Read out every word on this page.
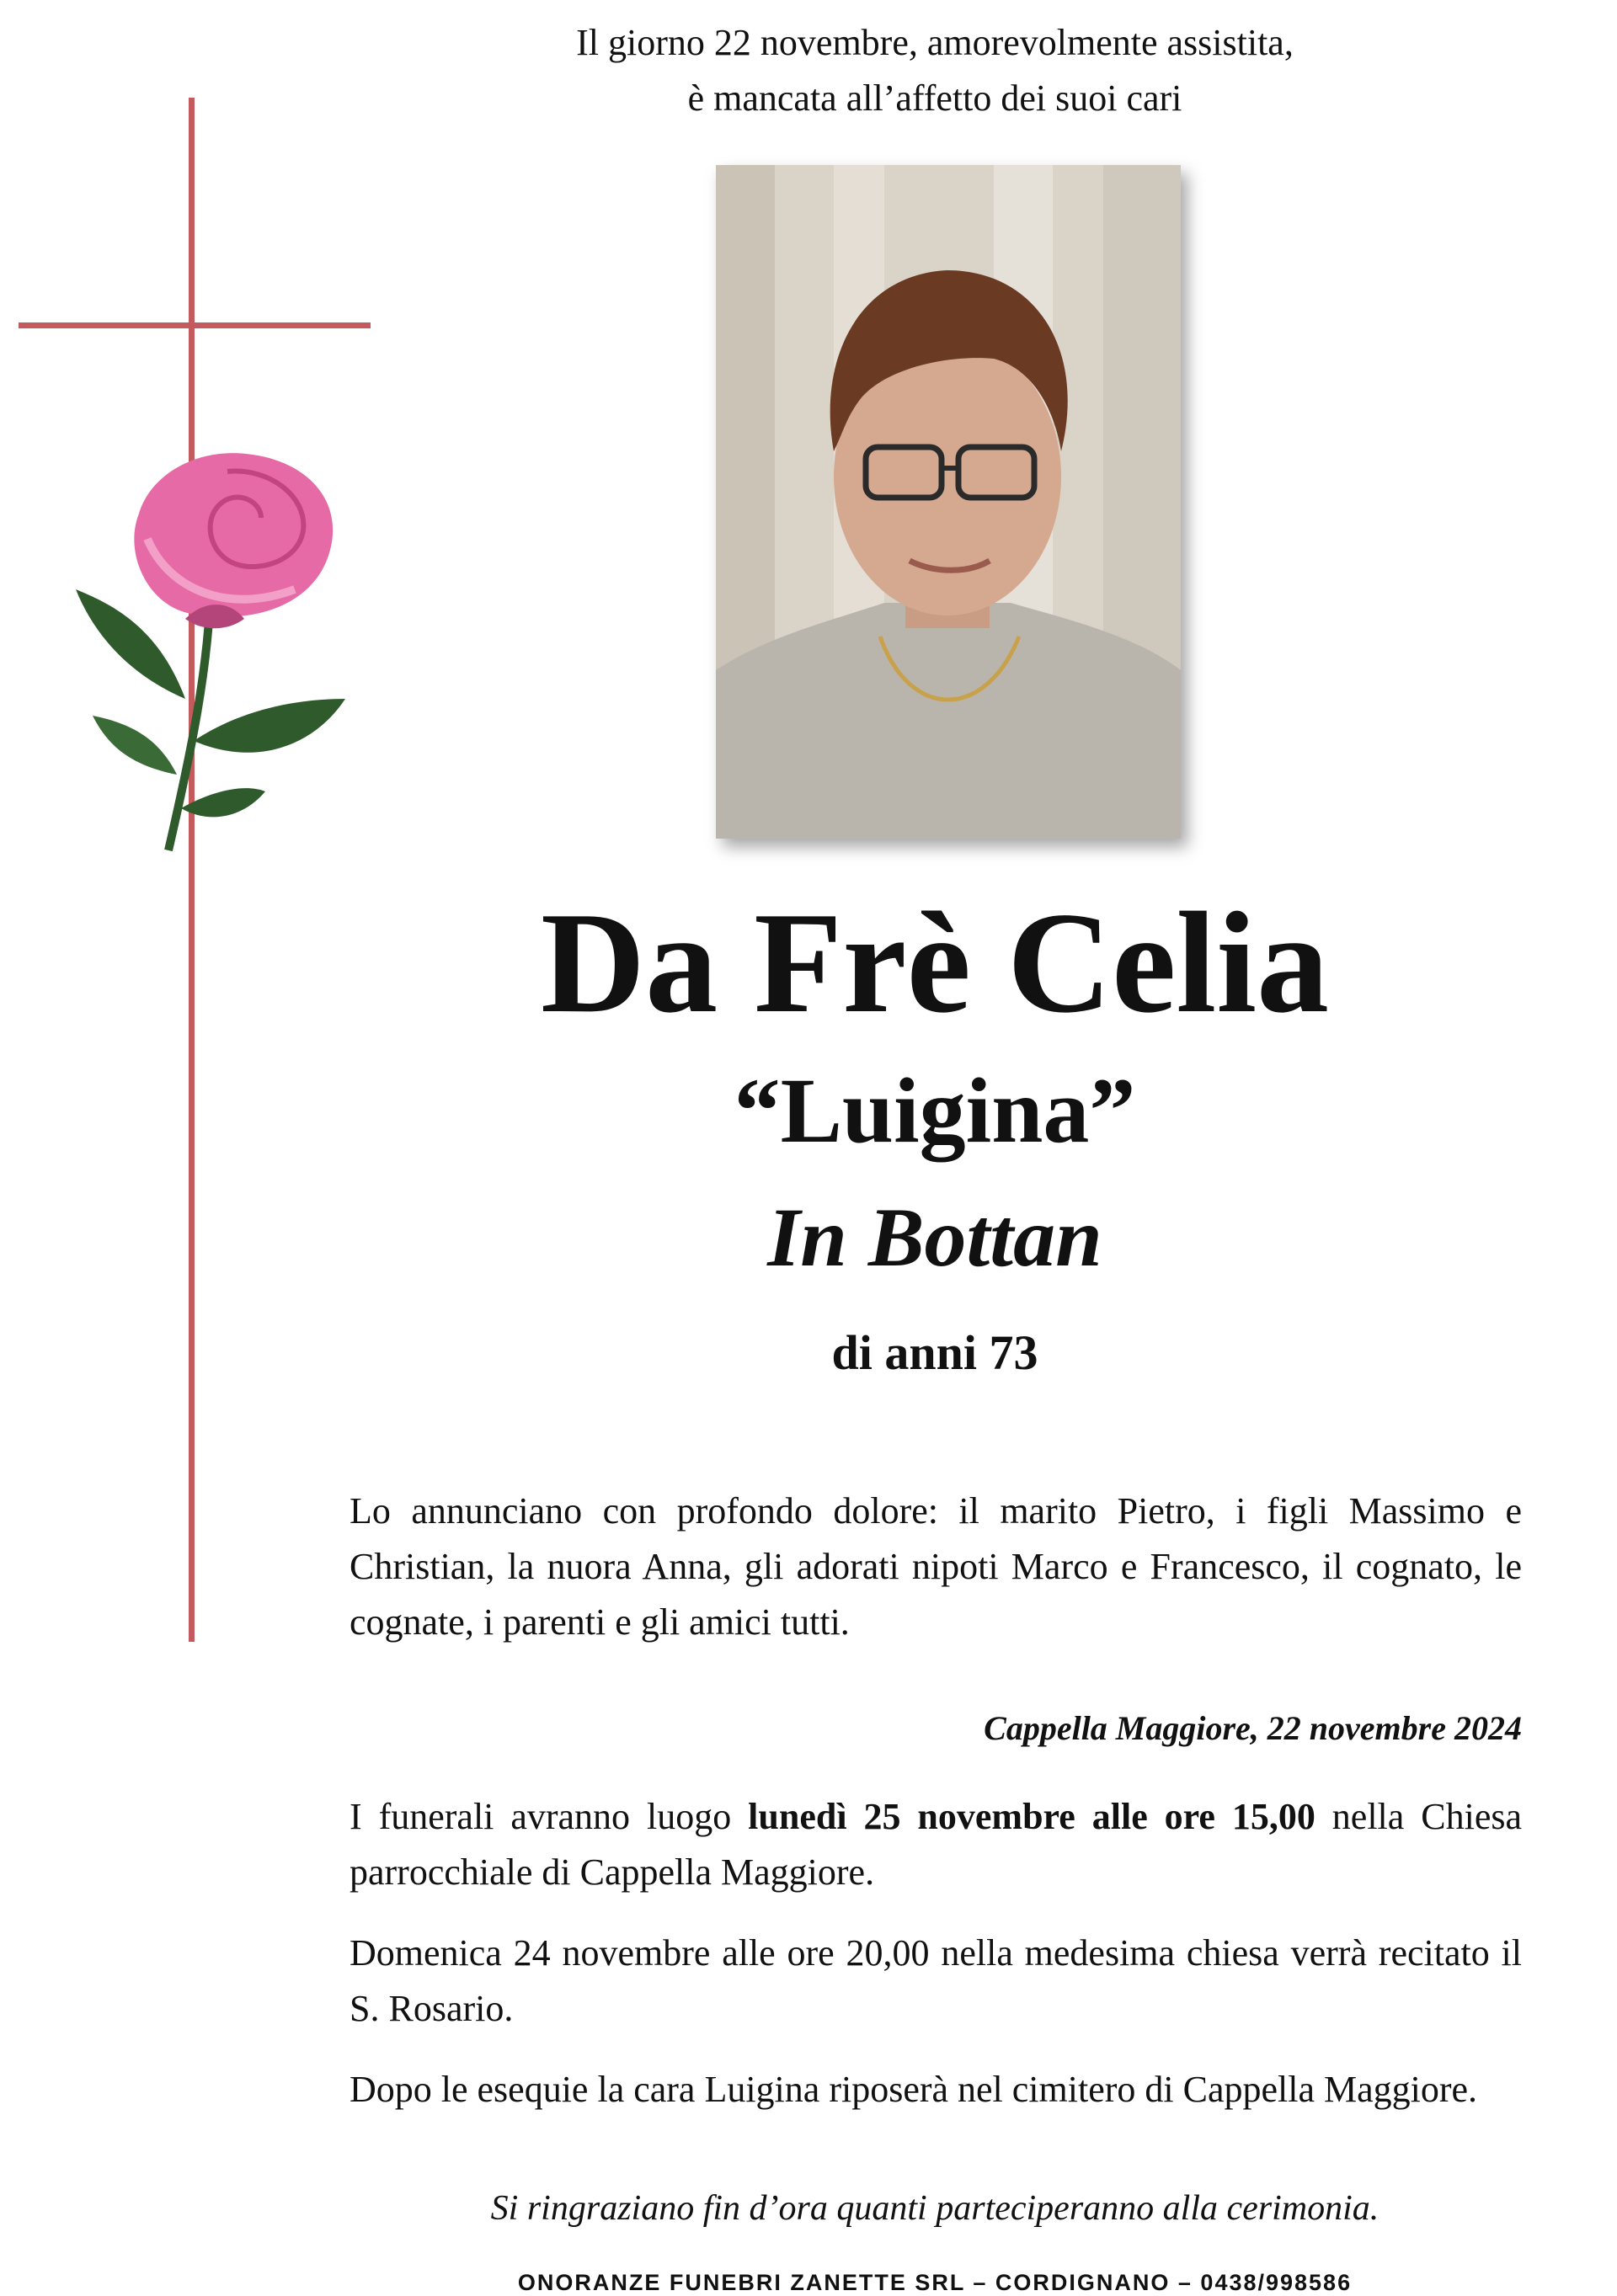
Il giorno 22 novembre, amorevolmente assistita,
è mancata all’affetto dei suoi cari
Da Frè Celia
“Luigina”
In Bottan
di anni 73
Lo annunciano con profondo dolore: il marito Pietro, i figli Massimo e Christian, la nuora Anna, gli adorati nipoti Marco e Francesco, il cognato, le cognate, i parenti e gli amici tutti.
Cappella Maggiore, 22 novembre 2024
I funerali avranno luogo lunedì 25 novembre alle ore 15,00 nella Chiesa parrocchiale di Cappella Maggiore.
Domenica 24 novembre alle ore 20,00 nella medesima chiesa verrà recitato il S. Rosario.
Dopo le esequie la cara Luigina riposerà nel cimitero di Cappella Maggiore.
Si ringraziano fin d’ora quanti parteciperanno alla cerimonia.
ONORANZE FUNEBRI ZANETTE SRL – CORDIGNANO – 0438/998586
